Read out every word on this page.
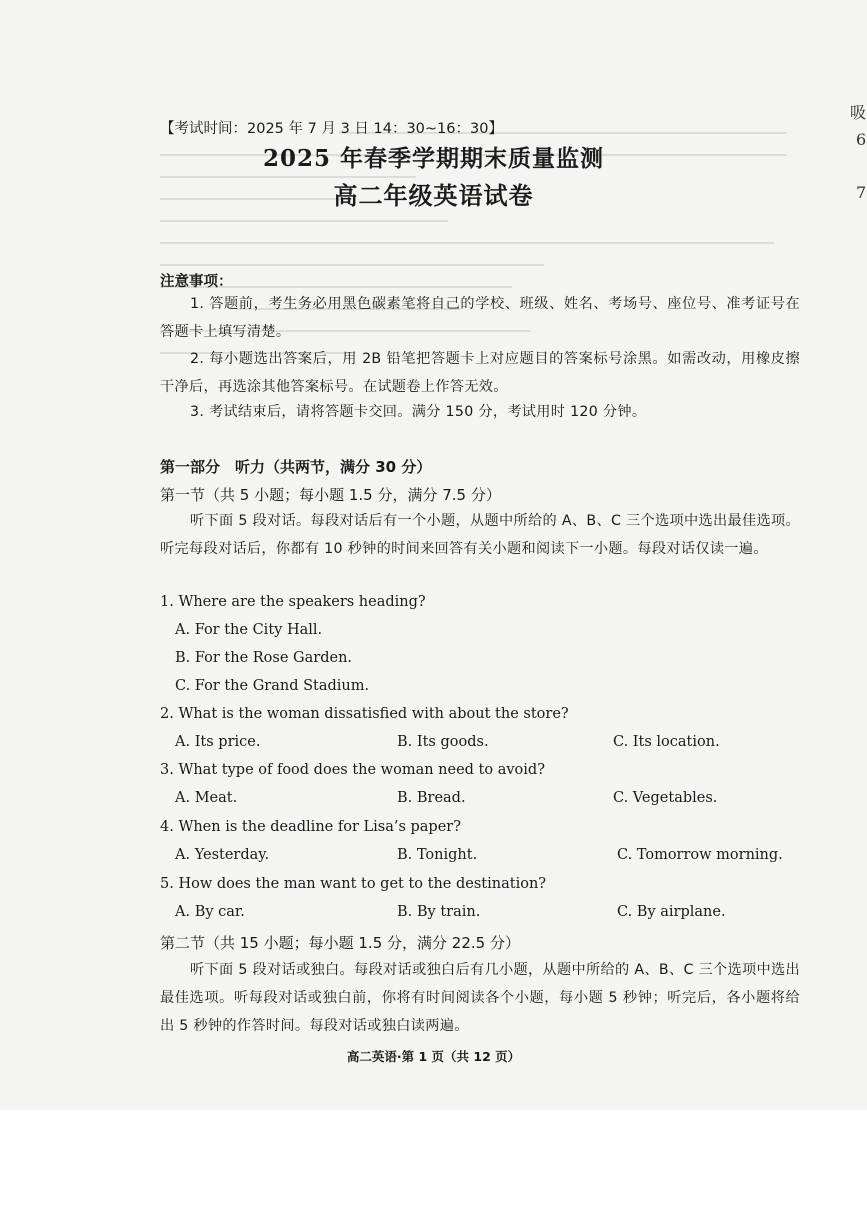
吸
6
7
【考试时间：2025 年 7 月 3 日 14：30~16：30】
2025 年春季学期期末质量监测
高二年级英语试卷
注意事项：
1. 答题前，考生务必用黑色碳素笔将自己的学校、班级、姓名、考场号、座位号、准考证号在答题卡上填写清楚。
2. 每小题选出答案后，用 2B 铅笔把答题卡上对应题目的答案标号涂黑。如需改动，用橡皮擦干净后，再选涂其他答案标号。在试题卷上作答无效。
3. 考试结束后，请将答题卡交回。满分 150 分，考试用时 120 分钟。
第一部分　听力（共两节，满分 30 分）
第一节（共 5 小题；每小题 1.5 分，满分 7.5 分）
听下面 5 段对话。每段对话后有一个小题，从题中所给的 A、B、C 三个选项中选出最佳选项。听完每段对话后，你都有 10 秒钟的时间来回答有关小题和阅读下一小题。每段对话仅读一遍。
1. Where are the speakers heading?
A. For the City Hall.
B. For the Rose Garden.
C. For the Grand Stadium.
2. What is the woman dissatisfied with about the store?
A. Its price.	B. Its goods.	C. Its location.
3. What type of food does the woman need to avoid?
A. Meat.	B. Bread.	C. Vegetables.
4. When is the deadline for Lisa’s paper?
A. Yesterday.	B. Tonight.	C. Tomorrow morning.
5. How does the man want to get to the destination?
A. By car.	B. By train.	C. By airplane.
第二节（共 15 小题；每小题 1.5 分，满分 22.5 分）
听下面 5 段对话或独白。每段对话或独白后有几小题，从题中所给的 A、B、C 三个选项中选出最佳选项。听每段对话或独白前，你将有时间阅读各个小题，每小题 5 秒钟；听完后，各小题将给出 5 秒钟的作答时间。每段对话或独白读两遍。
高二英语·第 1 页（共 12 页）
